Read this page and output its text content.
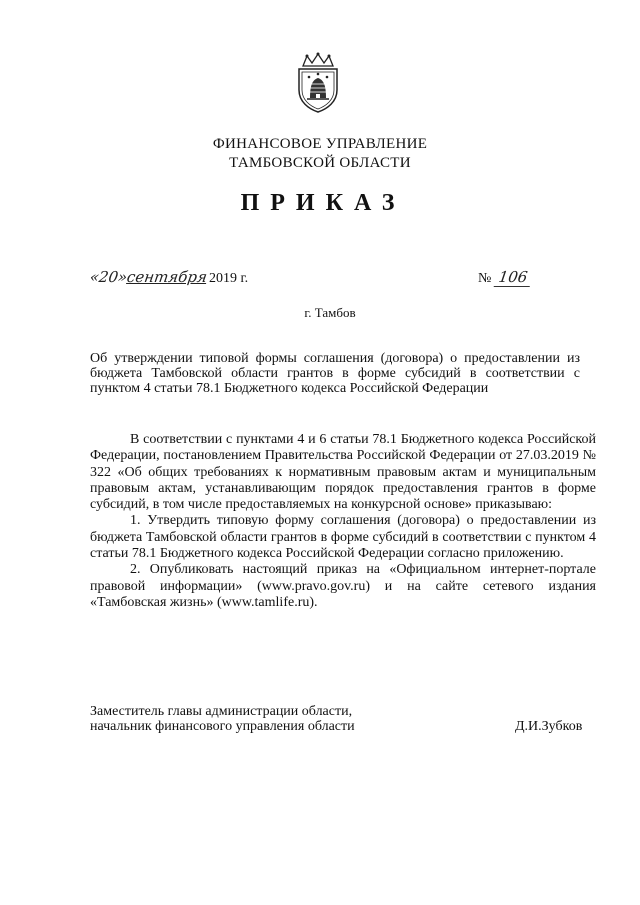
ФИНАНСОВОЕ УПРАВЛЕНИЕ
ТАМБОВСКОЙ ОБЛАСТИ
ПРИКАЗ
«20»сентября 2019 г.	№ 106
г. Тамбов
Об утверждении типовой формы соглашения (договора) о предоставлении из бюджета Тамбовской области грантов в форме субсидий в соответствии с пунктом 4 статьи 78.1 Бюджетного кодекса Российской Федерации

В соответствии с пунктами 4 и 6 статьи 78.1 Бюджетного кодекса Российской Федерации, постановлением Правительства Российской Федерации от 27.03.2019 № 322 «Об общих требованиях к нормативным правовым актам и муниципальным правовым актам, устанавливающим порядок предоставления грантов в форме субсидий, в том числе предоставляемых на конкурсной основе» приказываю:

1. Утвердить типовую форму соглашения (договора) о предоставлении из бюджета Тамбовской области грантов в форме субсидий в соответствии с пунктом 4 статьи 78.1 Бюджетного кодекса Российской Федерации согласно приложению.

2. Опубликовать настоящий приказ на «Официальном интернет-портале правовой информации» (www.pravo.gov.ru) и на сайте сетевого издания «Тамбовская жизнь» (www.tamlife.ru).

Заместитель главы администрации области,
начальник финансового управления области	Д.И.Зубков
